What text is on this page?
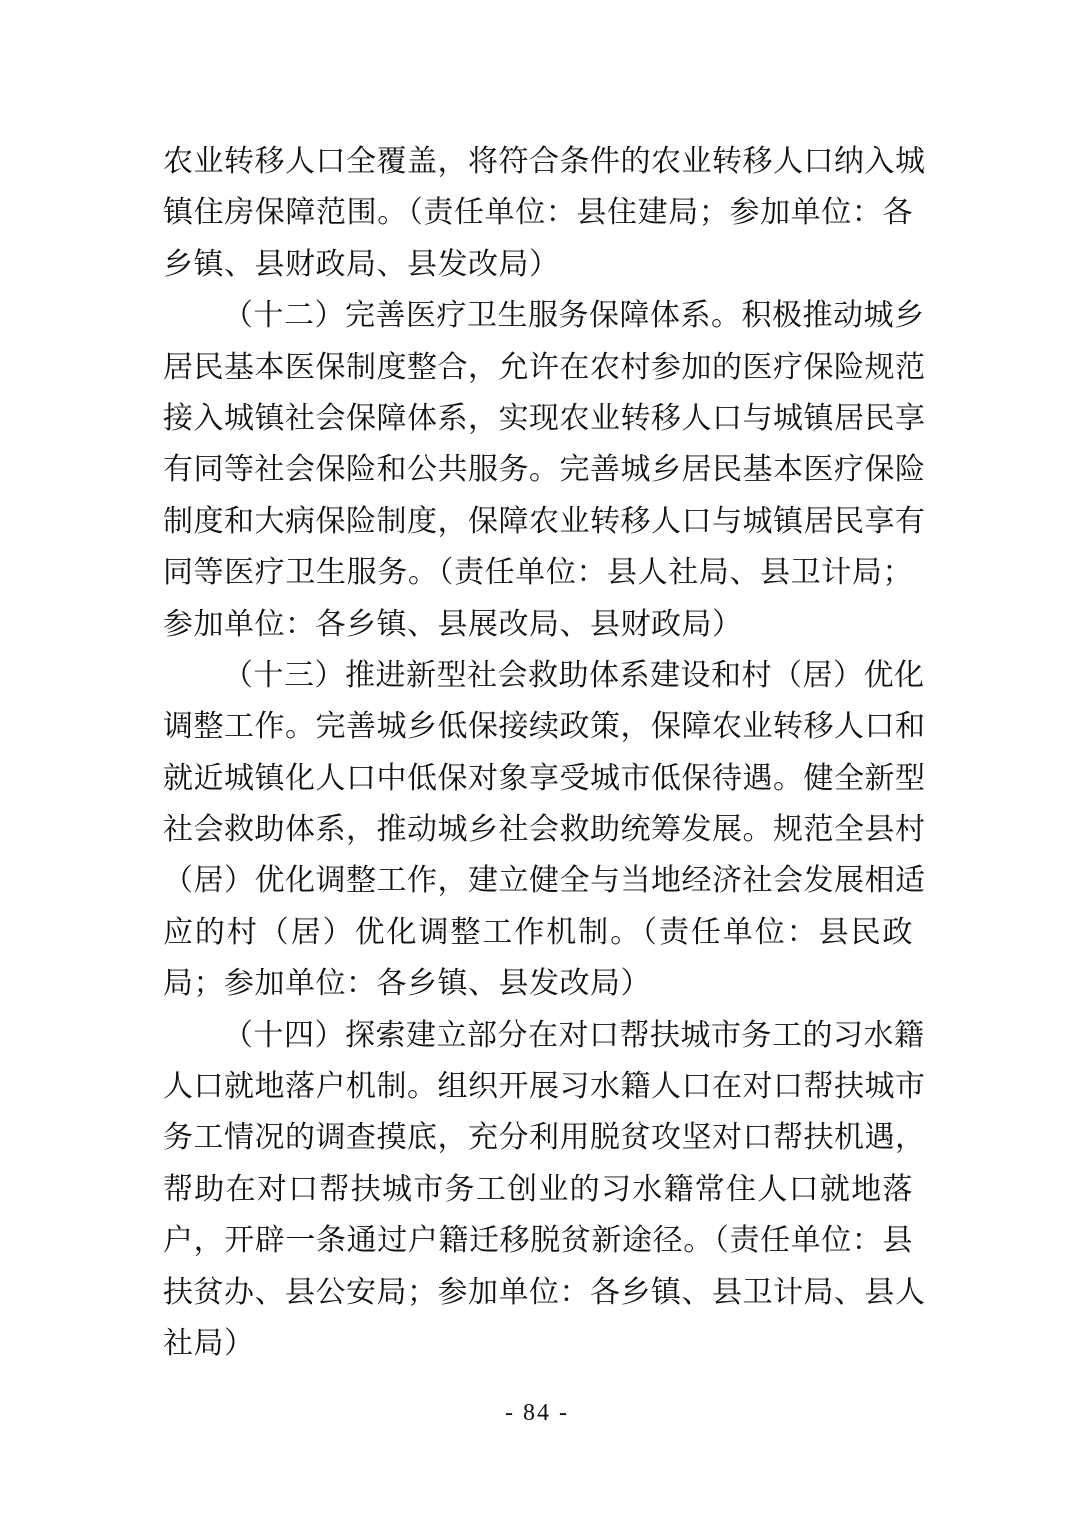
农业转移人口全覆盖，将符合条件的农业转移人口纳入城
镇住房保障范围。（责任单位：县住建局；参加单位：各
乡镇、县财政局、县发改局）
（十二）完善医疗卫生服务保障体系。积极推动城乡
居民基本医保制度整合，允许在农村参加的医疗保险规范
接入城镇社会保障体系，实现农业转移人口与城镇居民享
有同等社会保险和公共服务。完善城乡居民基本医疗保险
制度和大病保险制度，保障农业转移人口与城镇居民享有
同等医疗卫生服务。（责任单位：县人社局、县卫计局；
参加单位：各乡镇、县展改局、县财政局）
（十三）推进新型社会救助体系建设和村（居）优化
调整工作。完善城乡低保接续政策，保障农业转移人口和
就近城镇化人口中低保对象享受城市低保待遇。健全新型
社会救助体系，推动城乡社会救助统筹发展。规范全县村
（居）优化调整工作，建立健全与当地经济社会发展相适
应的村（居）优化调整工作机制。（责任单位：县民政
局；参加单位：各乡镇、县发改局）
（十四）探索建立部分在对口帮扶城市务工的习水籍
人口就地落户机制。组织开展习水籍人口在对口帮扶城市
务工情况的调查摸底，充分利用脱贫攻坚对口帮扶机遇，
帮助在对口帮扶城市务工创业的习水籍常住人口就地落
户，开辟一条通过户籍迁移脱贫新途径。（责任单位：县
扶贫办、县公安局；参加单位：各乡镇、县卫计局、县人
社局）
- 84 -
